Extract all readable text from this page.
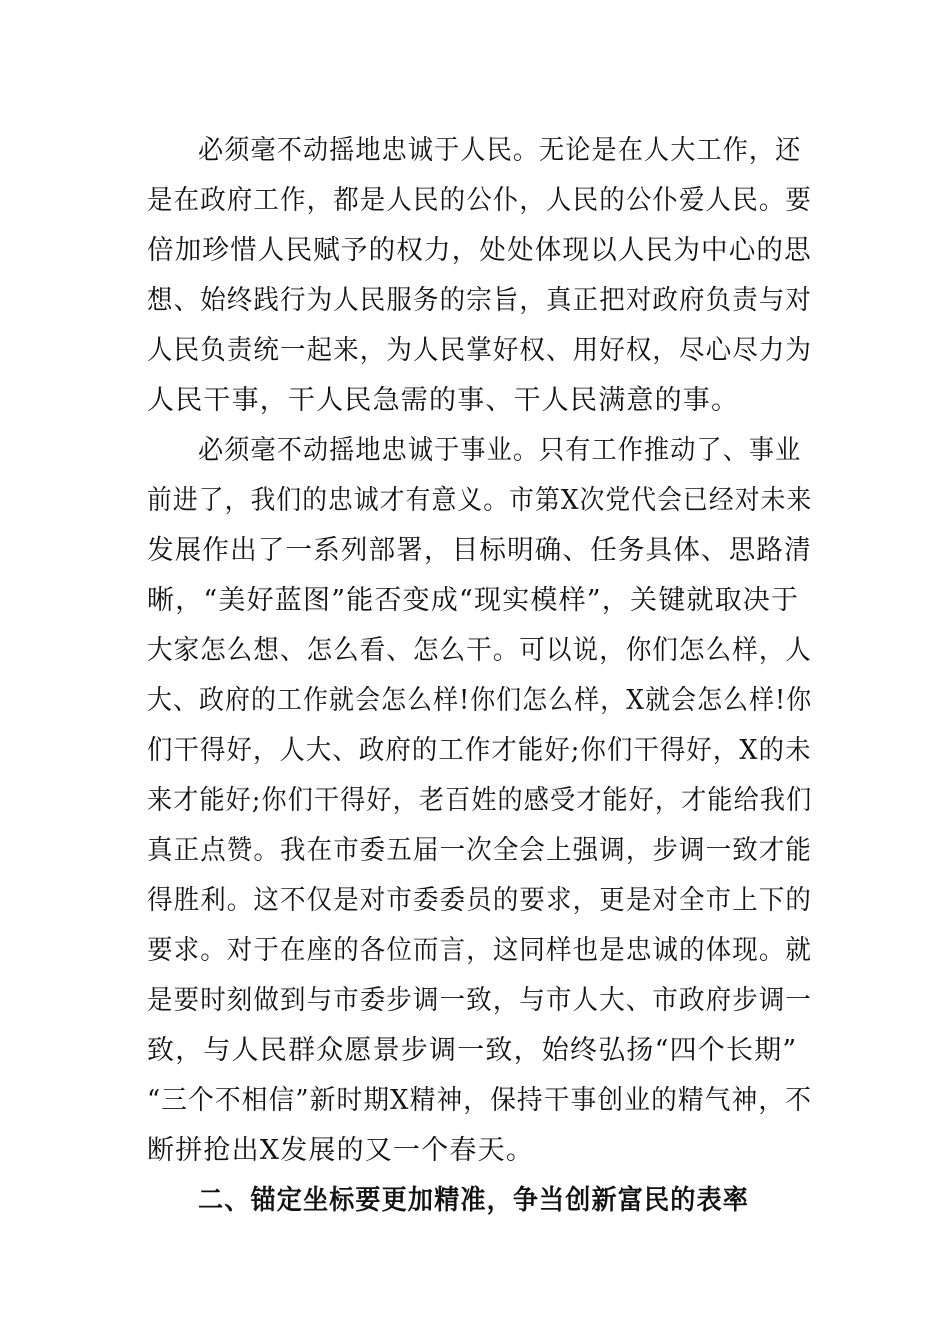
必须毫不动摇地忠诚于人民。无论是在人大工作，还
是在政府工作，都是人民的公仆，人民的公仆爱人民。要
倍加珍惜人民赋予的权力，处处体现以人民为中心的思
想、始终践行为人民服务的宗旨，真正把对政府负责与对
人民负责统一起来，为人民掌好权、用好权，尽心尽力为
人民干事，干人民急需的事、干人民满意的事。
必须毫不动摇地忠诚于事业。只有工作推动了、事业
前进了，我们的忠诚才有意义。市第X次党代会已经对未来
发展作出了一系列部署，目标明确、任务具体、思路清
晰，“美好蓝图”能否变成“现实模样”，关键就取决于
大家怎么想、怎么看、怎么干。可以说，你们怎么样，人
大、政府的工作就会怎么样!你们怎么样，X就会怎么样!你
们干得好，人大、政府的工作才能好;你们干得好，X的未
来才能好;你们干得好，老百姓的感受才能好，才能给我们
真正点赞。我在市委五届一次全会上强调，步调一致才能
得胜利。这不仅是对市委委员的要求，更是对全市上下的
要求。对于在座的各位而言，这同样也是忠诚的体现。就
是要时刻做到与市委步调一致，与市人大、市政府步调一
致，与人民群众愿景步调一致，始终弘扬“四个长期”
“三个不相信”新时期X精神，保持干事创业的精气神，不
断拼抢出X发展的又一个春天。
二、锚定坐标要更加精准，争当创新富民的表率
